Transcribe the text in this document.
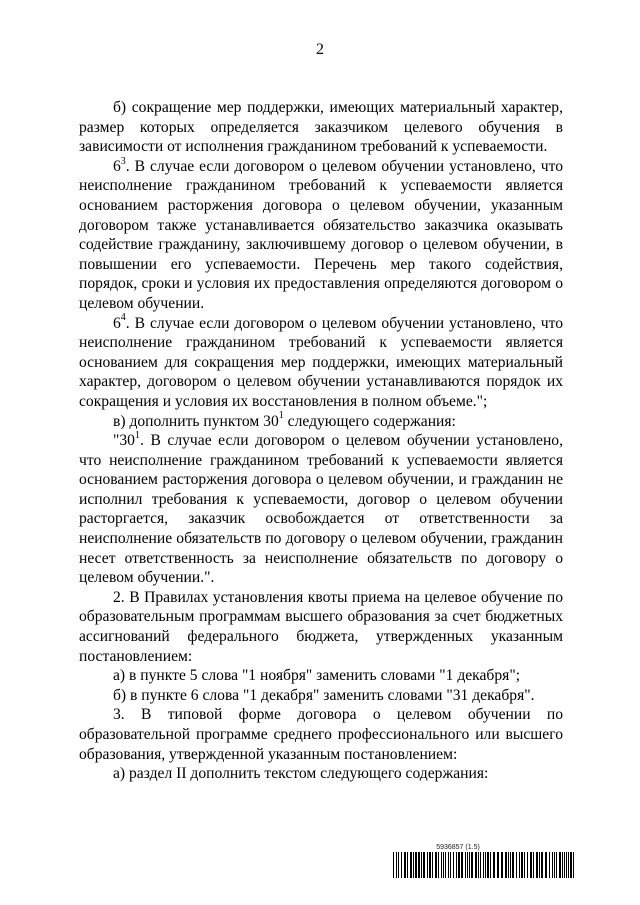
2

б) сокращение мер поддержки, имеющих материальный характер, размер которых определяется заказчиком целевого обучения в зависимости от исполнения гражданином требований к успеваемости.

$6^3$. В случае если договором о целевом обучении установлено, что неисполнение гражданином требований к успеваемости является основанием расторжения договора о целевом обучении, указанным договором также устанавливается обязательство заказчика оказывать содействие гражданину, заключившему договор о целевом обучении, в повышении его успеваемости. Перечень мер такого содействия, порядок, сроки и условия их предоставления определяются договором о целевом обучении.

$6^4$. В случае если договором о целевом обучении установлено, что неисполнение гражданином требований к успеваемости является основанием для сокращения мер поддержки, имеющих материальный характер, договором о целевом обучении устанавливаются порядок их сокращения и условия их восстановления в полном объеме.";

в) дополнить пунктом $30^1$ следующего содержания:

"$30^1$. В случае если договором о целевом обучении установлено, что неисполнение гражданином требований к успеваемости является основанием расторжения договора о целевом обучении, и гражданин не исполнил требования к успеваемости, договор о целевом обучении расторгается, заказчик освобождается от ответственности за неисполнение обязательств по договору о целевом обучении, гражданин несет ответственность за неисполнение обязательств по договору о целевом обучении.".

2. В Правилах установления квоты приема на целевое обучение по образовательным программам высшего образования за счет бюджетных ассигнований федерального бюджета, утвержденных указанным постановлением:

а) в пункте 5 слова "1 ноября" заменить словами "1 декабря";

б) в пункте 6 слова "1 декабря" заменить словами "31 декабря".

3. В типовой форме договора о целевом обучении по образовательной программе среднего профессионального или высшего образования, утвержденной указанным постановлением:

а) раздел II дополнить текстом следующего содержания:

5936857 (1.5)
